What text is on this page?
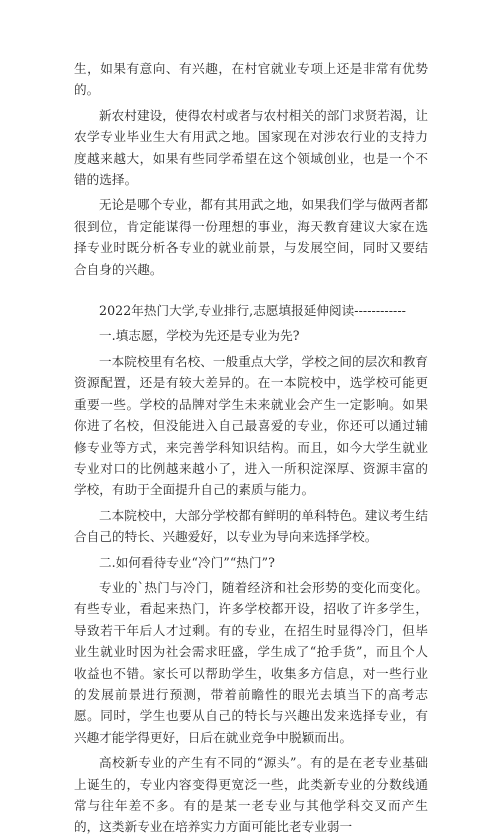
生，如果有意向、有兴趣，在村官就业专项上还是非常有优势的。

新农村建设，使得农村或者与农村相关的部门求贤若渴，让农学专业毕业生大有用武之地。国家现在对涉农行业的支持力度越来越大，如果有些同学希望在这个领域创业，也是一个不错的选择。

无论是哪个专业，都有其用武之地，如果我们学与做两者都很到位，肯定能谋得一份理想的事业，海天教育建议大家在选择专业时既分析各专业的就业前景，与发展空间，同时又要结合自身的兴趣。

2022年热门大学,专业排行,志愿填报延伸阅读------------

一.填志愿，学校为先还是专业为先?

一本院校里有名校、一般重点大学，学校之间的层次和教育资源配置，还是有较大差异的。在一本院校中，选学校可能更重要一些。学校的品牌对学生未来就业会产生一定影响。如果你进了名校，但没能进入自己最喜爱的专业，你还可以通过辅修专业等方式，来完善学科知识结构。而且，如今大学生就业专业对口的比例越来越小了，进入一所积淀深厚、资源丰富的学校，有助于全面提升自己的素质与能力。

二本院校中，大部分学校都有鲜明的单科特色。建议考生结合自己的特长、兴趣爱好，以专业为导向来选择学校。

二.如何看待专业“冷门”“热门”?

专业的`热门与冷门，随着经济和社会形势的变化而变化。有些专业，看起来热门，许多学校都开设，招收了许多学生，导致若干年后人才过剩。有的专业，在招生时显得冷门，但毕业生就业时因为社会需求旺盛，学生成了“抢手货”，而且个人收益也不错。家长可以帮助学生，收集多方信息，对一些行业的发展前景进行预测，带着前瞻性的眼光去填当下的高考志愿。同时，学生也要从自己的特长与兴趣出发来选择专业，有兴趣才能学得更好，日后在就业竞争中脱颖而出。

高校新专业的产生有不同的“源头”。有的是在老专业基础上诞生的，专业内容变得更宽泛一些，此类新专业的分数线通常与往年差不多。有的是某一老专业与其他学科交叉而产生的，这类新专业在培养实力方面可能比老专业弱一
